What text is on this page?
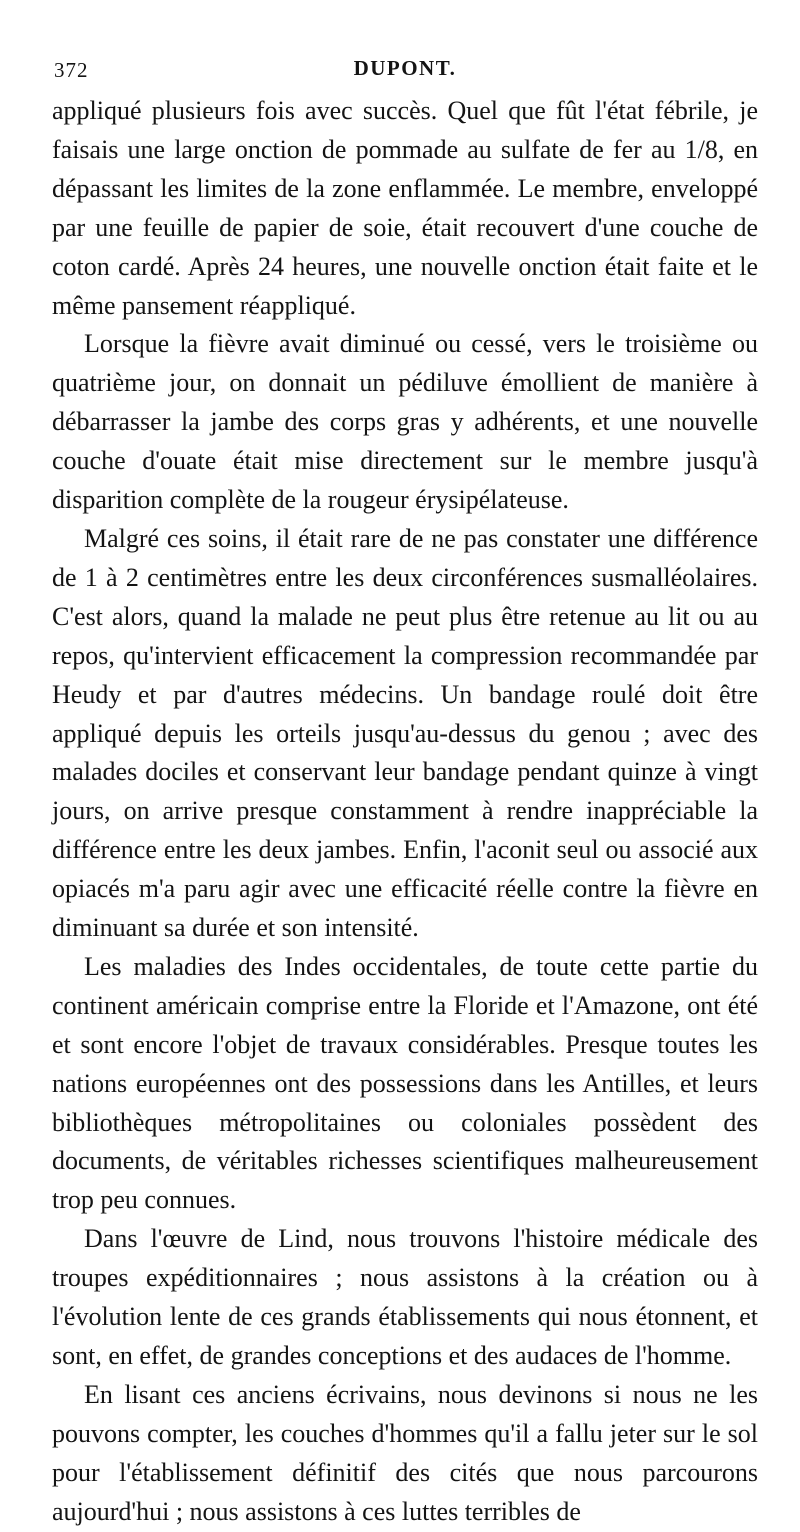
372	DUPONT.

appliqué plusieurs fois avec succès. Quel que fût l'état fébrile, je faisais une large onction de pommade au sulfate de fer au 1/8, en dépassant les limites de la zone enflammée. Le membre, enveloppé par une feuille de papier de soie, était recouvert d'une couche de coton cardé. Après 24 heures, une nouvelle onction était faite et le même pansement réappliqué.

Lorsque la fièvre avait diminué ou cessé, vers le troisième ou quatrième jour, on donnait un pédiluve émollient de manière à débarrasser la jambe des corps gras y adhérents, et une nouvelle couche d'ouate était mise directement sur le membre jusqu'à disparition complète de la rougeur érysipélateuse.

Malgré ces soins, il était rare de ne pas constater une différence de 1 à 2 centimètres entre les deux circonférences susmalléolaires. C'est alors, quand la malade ne peut plus être retenue au lit ou au repos, qu'intervient efficacement la compression recommandée par Heudy et par d'autres médecins. Un bandage roulé doit être appliqué depuis les orteils jusqu'au-dessus du genou ; avec des malades dociles et conservant leur bandage pendant quinze à vingt jours, on arrive presque constamment à rendre inappréciable la différence entre les deux jambes. Enfin, l'aconit seul ou associé aux opiacés m'a paru agir avec une efficacité réelle contre la fièvre en diminuant sa durée et son intensité.

Les maladies des Indes occidentales, de toute cette partie du continent américain comprise entre la Floride et l'Amazone, ont été et sont encore l'objet de travaux considérables. Presque toutes les nations européennes ont des possessions dans les Antilles, et leurs bibliothèques métropolitaines ou coloniales possèdent des documents, de véritables richesses scientifiques malheureusement trop peu connues.

Dans l'œuvre de Lind, nous trouvons l'histoire médicale des troupes expéditionnaires ; nous assistons à la création ou à l'évolution lente de ces grands établissements qui nous étonnent, et sont, en effet, de grandes conceptions et des audaces de l'homme.

En lisant ces anciens écrivains, nous devinons si nous ne les pouvons compter, les couches d'hommes qu'il a fallu jeter sur le sol pour l'établissement définitif des cités que nous parcourons aujourd'hui ; nous assistons à ces luttes terribles de
